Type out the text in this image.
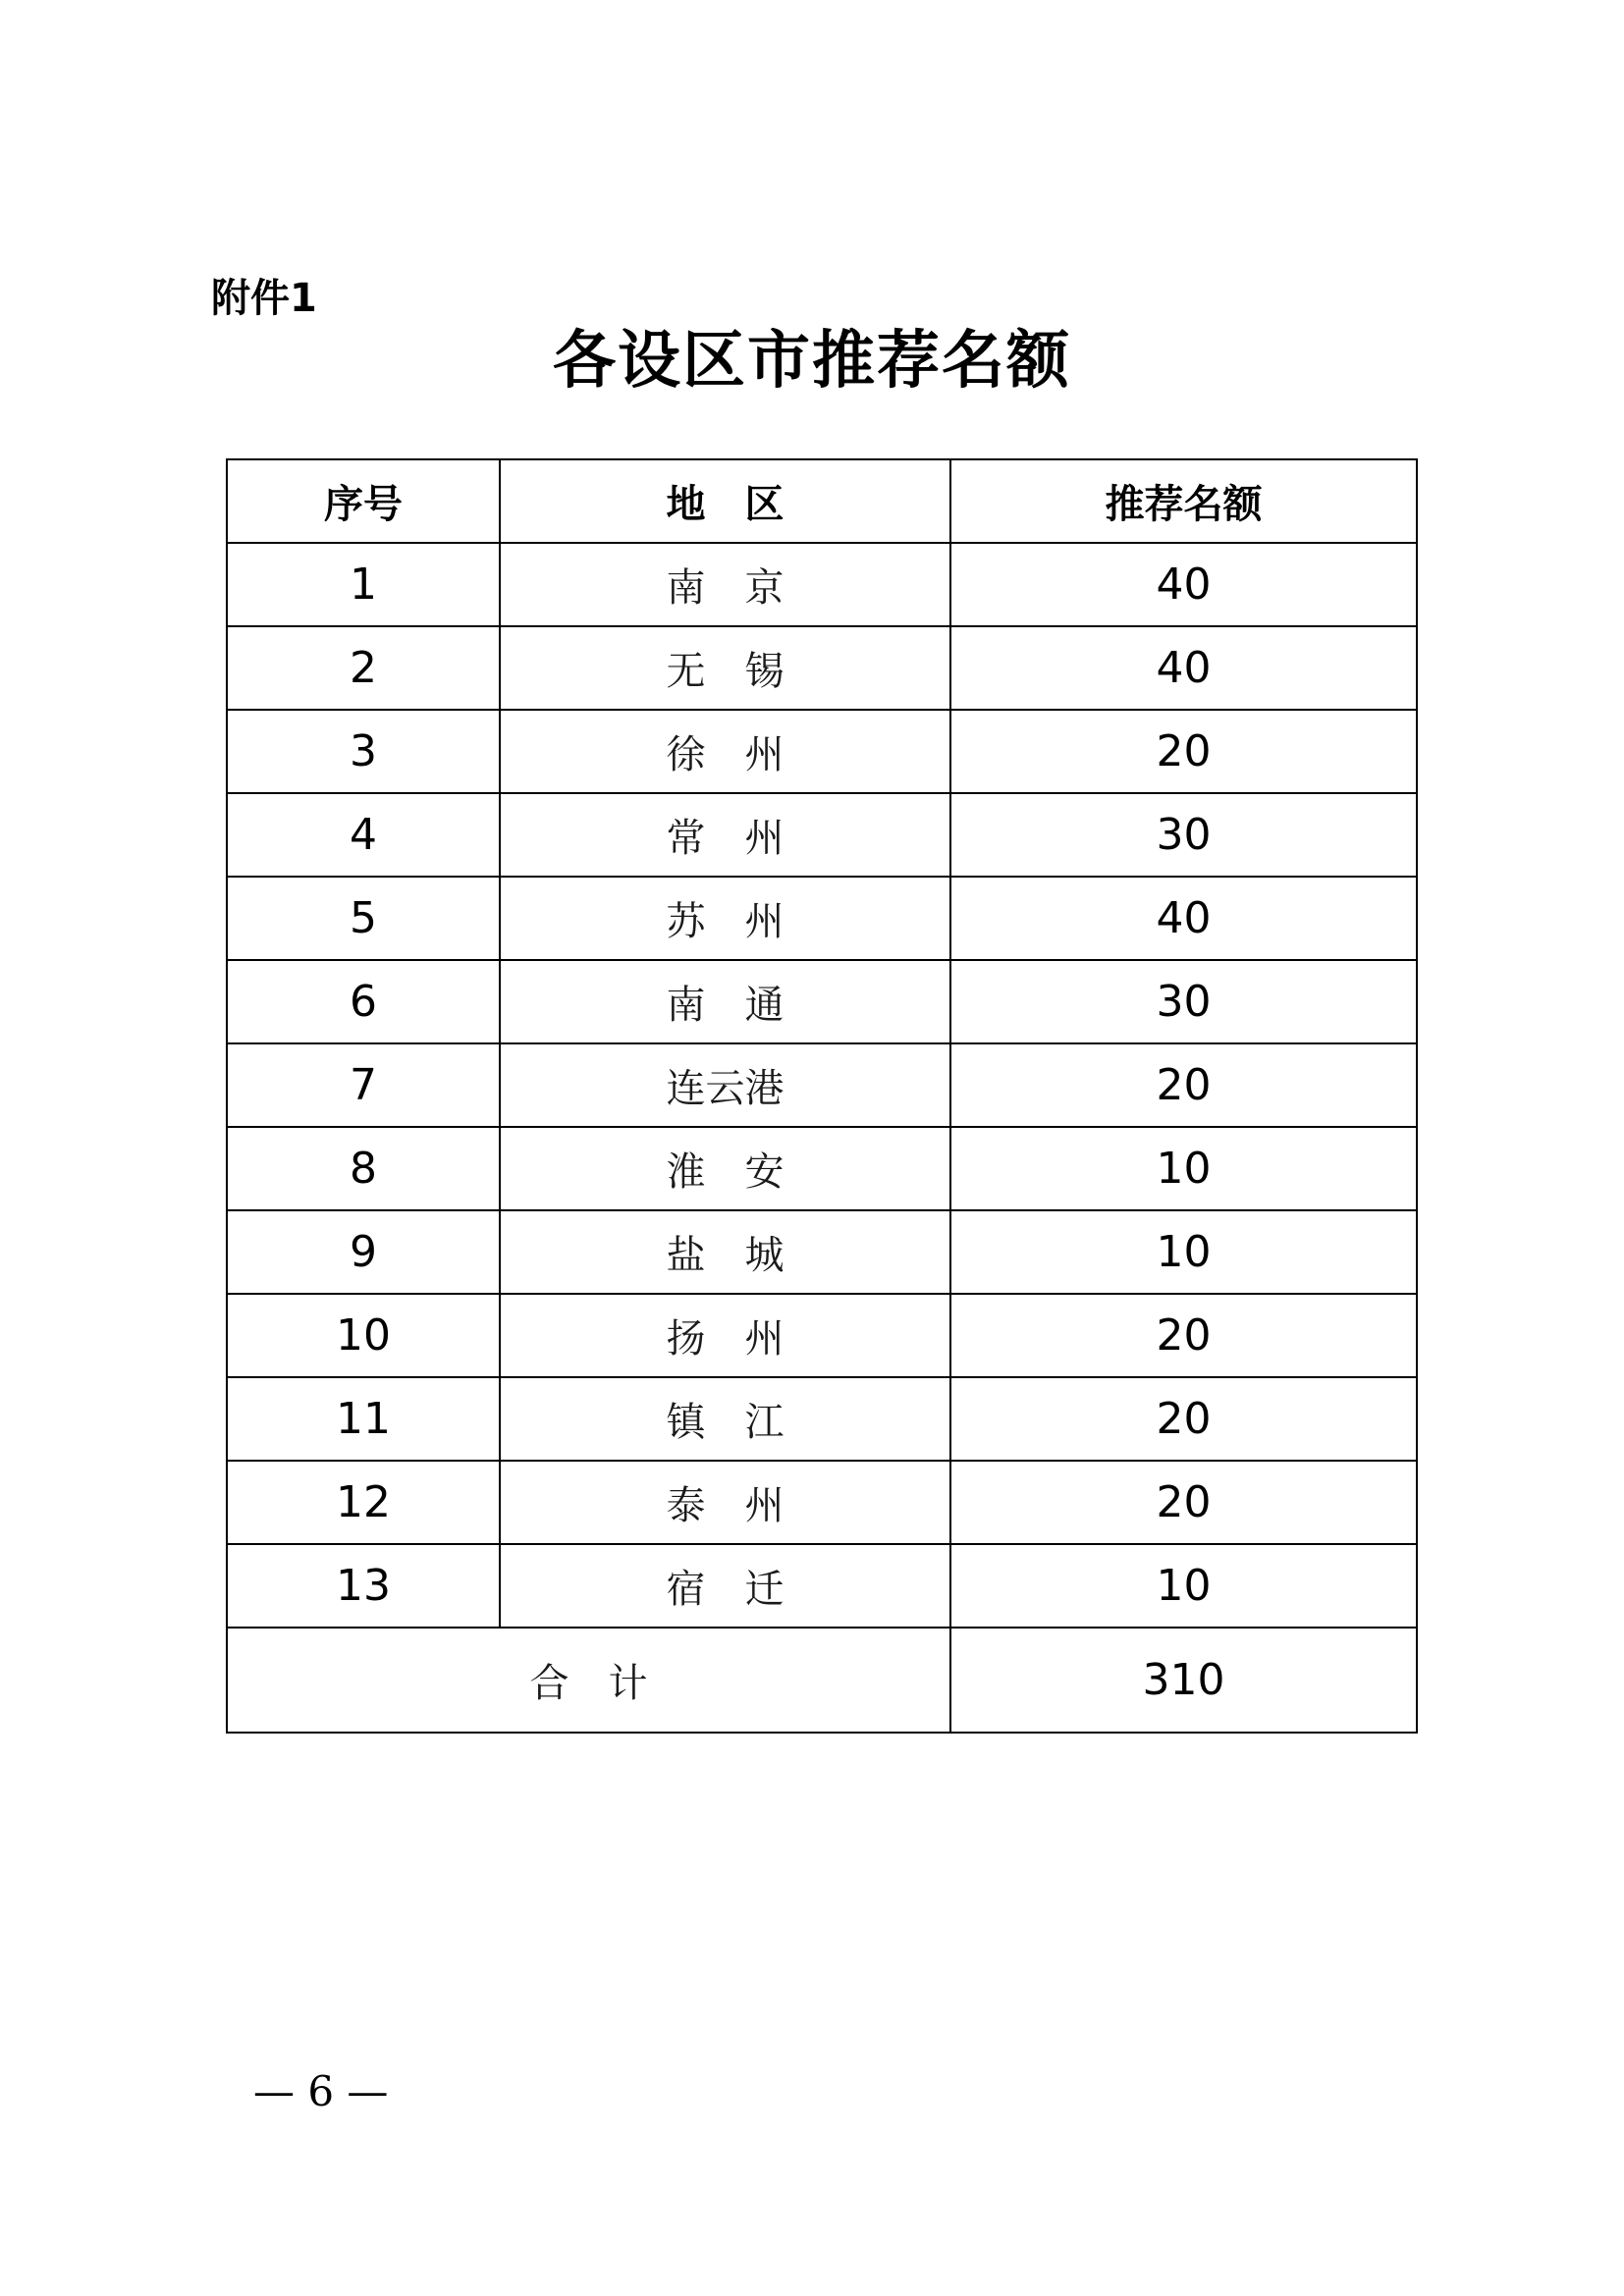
附件1
各设区市推荐名额
序号	地　区	推荐名额
1	南　京	40
2	无　锡	40
3	徐　州	20
4	常　州	30
5	苏　州	40
6	南　通	30
7	连云港	20
8	淮　安	10
9	盐　城	10
10	扬　州	20
11	镇　江	20
12	泰　州	20
13	宿　迁	10
合　计		310
— 6 —
